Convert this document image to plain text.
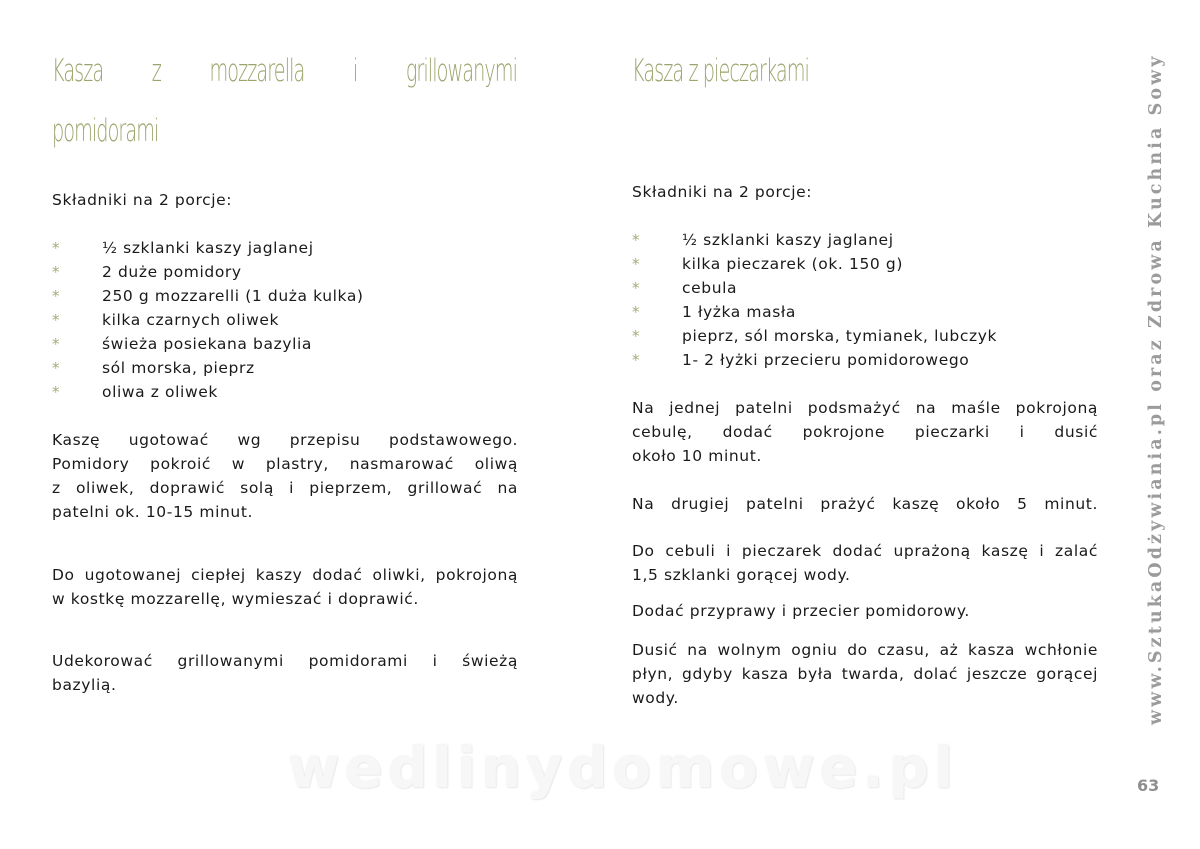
Kasza z mozzarella i grillowanymi
pomidorami
Składniki na 2 porcje:
*	½ szklanki kaszy jaglanej
*	2 duże pomidory
*	250 g mozzarelli (1 duża kulka)
*	kilka czarnych oliwek
*	świeża posiekana bazylia
*	sól morska, pieprz
*	oliwa z oliwek
Kaszę ugotować wg przepisu podstawowego.
Pomidory pokroić w plastry, nasmarować oliwą
z oliwek, doprawić solą i pieprzem, grillować na
patelni ok. 10-15 minut.
Do ugotowanej ciepłej kaszy dodać oliwki, pokrojoną
w kostkę mozzarellę, wymieszać i doprawić.
Udekorować grillowanymi pomidorami i świeżą
bazylią.
Kasza z pieczarkami
Składniki na 2 porcje:
*	½ szklanki kaszy jaglanej
*	kilka pieczarek (ok. 150 g)
*	cebula
*	1 łyżka masła
*	pieprz, sól morska, tymianek, lubczyk
*	1- 2 łyżki przecieru pomidorowego
Na jednej patelni podsmażyć na maśle pokrojoną
cebulę, dodać pokrojone pieczarki i dusić
około 10 minut.
Na drugiej patelni prażyć kaszę około 5 minut.
Do cebuli i pieczarek dodać uprażoną kaszę i zalać
1,5 szklanki gorącej wody.
Dodać przyprawy i przecier pomidorowy.
Dusić na wolnym ogniu do czasu, aż kasza wchłonie
płyn, gdyby kasza była twarda, dolać jeszcze gorącej
wody.	www.SztukaOdżywiania.pl oraz Zdrowa Kuchnia Sowy
63
wedlinydomowe.pl
